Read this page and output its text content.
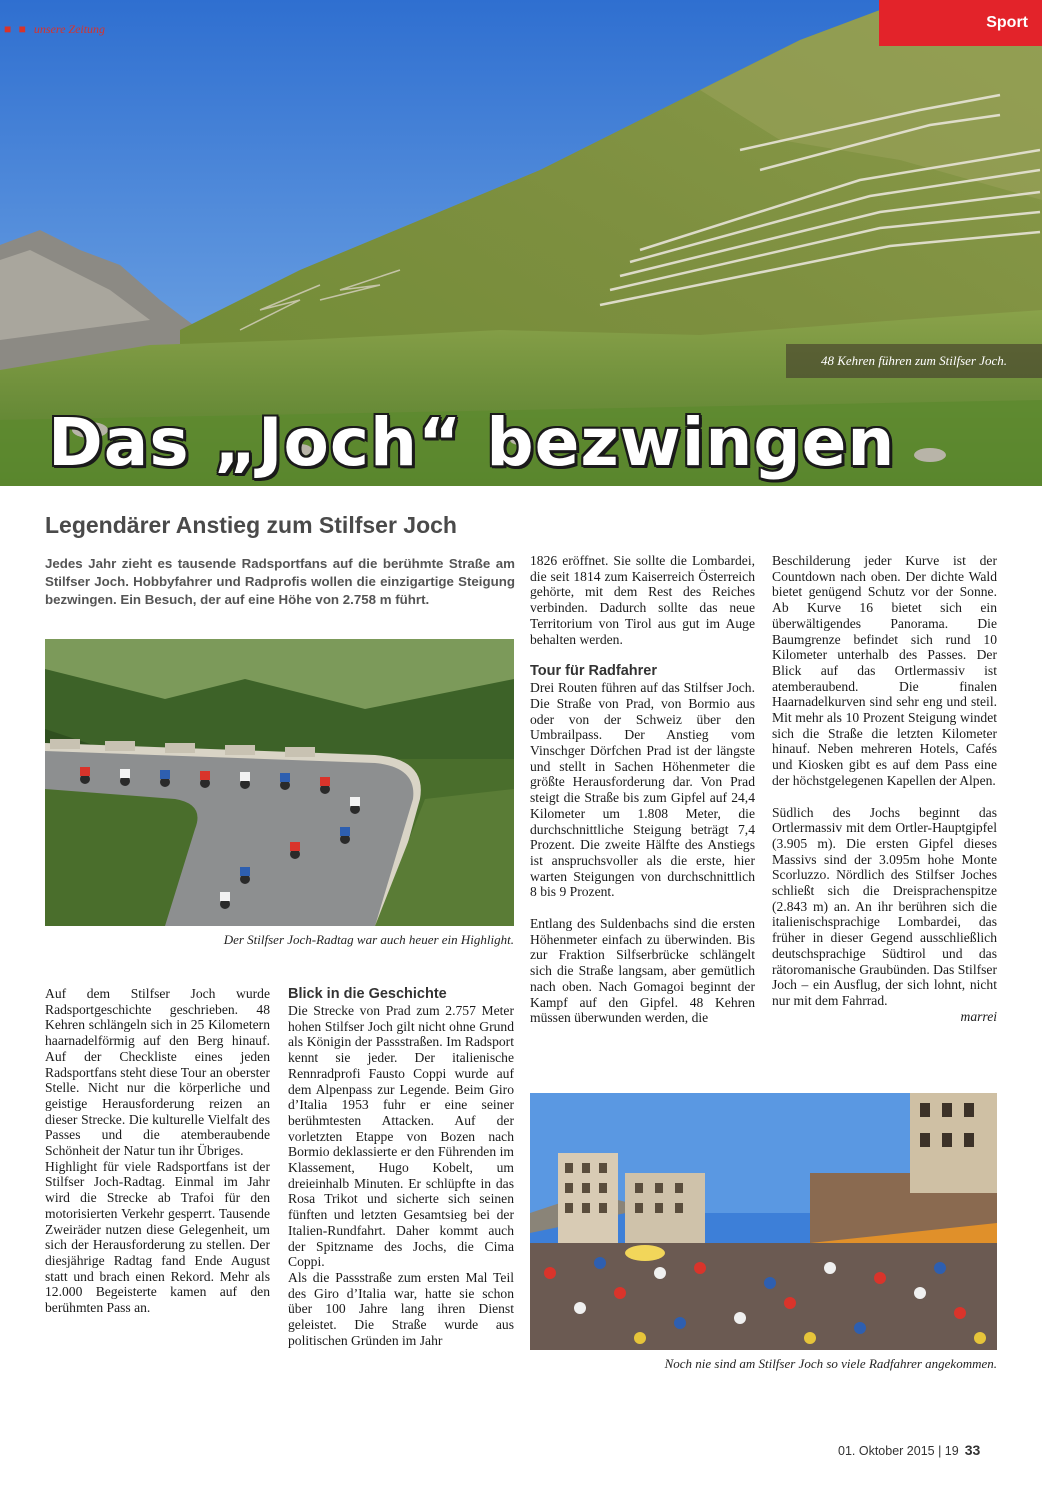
■ ■ unsere Zeitung	Sport
48 Kehren führen zum Stilfser Joch.
Das „Joch“ bezwingen
Legendärer Anstieg zum Stilfser Joch
Jedes Jahr zieht es tausende Radsportfans auf die berühmte Straße am Stilfser Joch. Hobbyfahrer und Radprofis wollen die einzigartige Steigung bezwingen. Ein Besuch, der auf eine Höhe von 2.758 m führt.
Der Stilfser Joch-Radtag war auch heuer ein Highlight.

Auf dem Stilfser Joch wurde Radsportgeschichte geschrieben. 48 Kehren schlängeln sich in 25 Kilometern haarnadelförmig auf den Berg hinauf. Auf der Checkliste eines jeden Radsportfans steht diese Tour an oberster Stelle. Nicht nur die körperliche und geistige Herausforderung reizen an dieser Strecke. Die kulturelle Vielfalt des Passes und die atemberaubende Schönheit der Natur tun ihr Übriges.

Highlight für viele Radsportfans ist der Stilfser Joch-Radtag. Einmal im Jahr wird die Strecke ab Trafoi für den motorisierten Verkehr gesperrt. Tausende Zweiräder nutzen diese Gelegenheit, um sich der Herausforderung zu stellen. Der diesjährige Radtag fand Ende August statt und brach einen Rekord. Mehr als 12.000 Begeisterte kamen auf den berühmten Pass an.

Blick in die Geschichte

Die Strecke von Prad zum 2.757 Meter hohen Stilfser Joch gilt nicht ohne Grund als Königin der Passstraßen. Im Radsport kennt sie jeder. Der italienische Rennradprofi Fausto Coppi wurde auf dem Alpenpass zur Legende. Beim Giro d’Italia 1953 fuhr er eine seiner berühmtesten Attacken. Auf der vorletzten Etappe von Bozen nach Bormio deklassierte er den Führenden im Klassement, Hugo Kobelt, um dreieinhalb Minuten. Er schlüpfte in das Rosa Trikot und sicherte sich seinen fünften und letzten Gesamtsieg bei der Italien-Rundfahrt. Daher kommt auch der Spitzname des Jochs, die Cima Coppi.

Als die Passstraße zum ersten Mal Teil des Giro d’Italia war, hatte sie schon über 100 Jahre lang ihren Dienst geleistet. Die Straße wurde aus politischen Gründen im Jahr

1826 eröffnet. Sie sollte die Lombardei, die seit 1814 zum Kaiserreich Österreich gehörte, mit dem Rest des Reiches verbinden. Dadurch sollte das neue Territorium von Tirol aus gut im Auge behalten werden.

Tour für Radfahrer

Drei Routen führen auf das Stilfser Joch. Die Straße von Prad, von Bormio aus oder von der Schweiz über den Umbrailpass. Der Anstieg vom Vinschger Dörfchen Prad ist der längste und stellt in Sachen Höhenmeter die größte Herausforderung dar. Von Prad steigt die Straße bis zum Gipfel auf 24,4 Kilometer um 1.808 Meter, die durchschnittliche Steigung beträgt 7,4 Prozent. Die zweite Hälfte des Anstiegs ist anspruchsvoller als die erste, hier warten Steigungen von durchschnittlich 8 bis 9 Prozent.

Entlang des Suldenbachs sind die ersten Höhenmeter einfach zu überwinden. Bis zur Fraktion Silfserbrücke schlängelt sich die Straße langsam, aber gemütlich nach oben. Nach Gomagoi beginnt der Kampf auf den Gipfel. 48 Kehren müssen überwunden werden, die

Beschilderung jeder Kurve ist der Countdown nach oben. Der dichte Wald bietet genügend Schutz vor der Sonne. Ab Kurve 16 bietet sich ein überwältigendes Panorama. Die Baumgrenze befindet sich rund 10 Kilometer unterhalb des Passes. Der Blick auf das Ortlermassiv ist atemberaubend. Die finalen Haarnadelkurven sind sehr eng und steil. Mit mehr als 10 Prozent Steigung windet sich die Straße die letzten Kilometer hinauf. Neben mehreren Hotels, Cafés und Kiosken gibt es auf dem Pass eine der höchstgelegenen Kapellen der Alpen.

Südlich des Jochs beginnt das Ortlermassiv mit dem Ortler-Hauptgipfel (3.905 m). Die ersten Gipfel dieses Massivs sind der 3.095m hohe Monte Scorluzzo. Nördlich des Stilfser Joches schließt sich die Dreisprachenspitze (2.843 m) an. An ihr berühren sich die italienischsprachige Lombardei, das früher in dieser Gegend ausschließlich deutschsprachige Südtirol und das rätoromanische Graubünden. Das Stilfser Joch – ein Ausflug, der sich lohnt, nicht nur mit dem Fahrrad.

marrei

Noch nie sind am Stilfser Joch so viele Radfahrer angekommen.
01. Oktober 2015 | 19 33
